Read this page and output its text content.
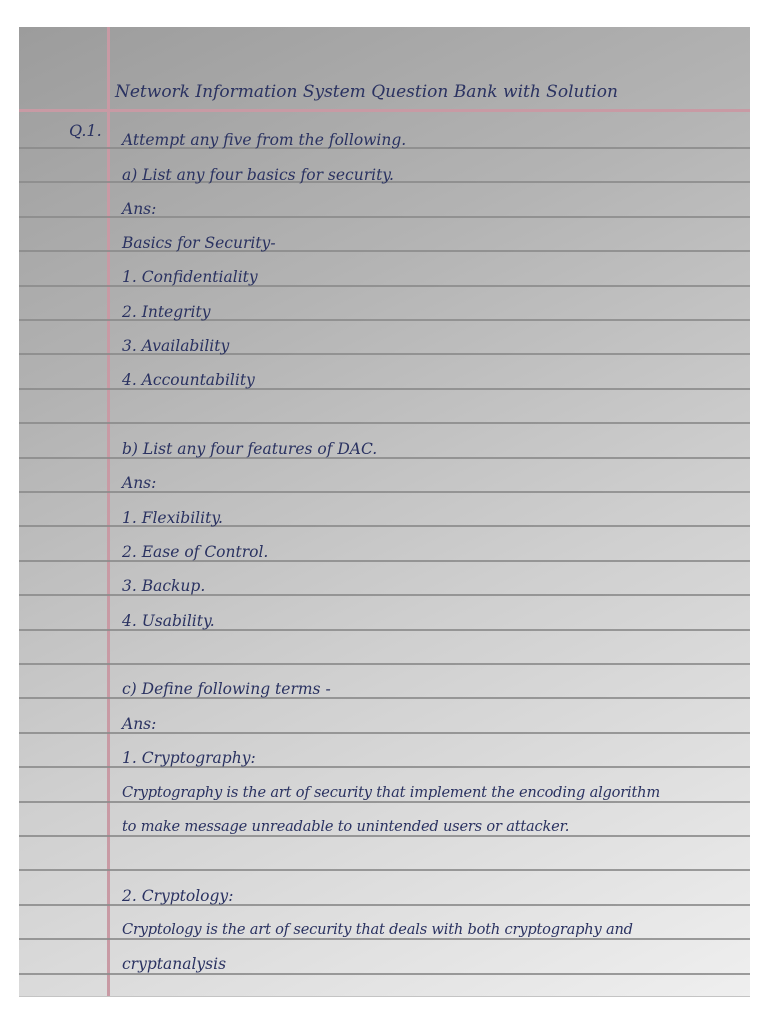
Network Information System Question Bank with Solution
Q.1. Attempt any five from the following.
a) List any four basics for security.
Ans:
Basics for Security-
1. Confidentiality
2. Integrity
3. Availability
4. Accountability
b) List any four features of DAC.
Ans:
1. Flexibility.
2. Ease of Control.
3. Backup.
4. Usability.
c) Define following terms -
Ans:
1. Cryptography:
Cryptography is the art of security that implement the encoding algorithm
to make message unreadable to unintended users or attacker.
2. Cryptology:
Cryptology is the art of security that deals with both cryptography and
cryptanalysis
